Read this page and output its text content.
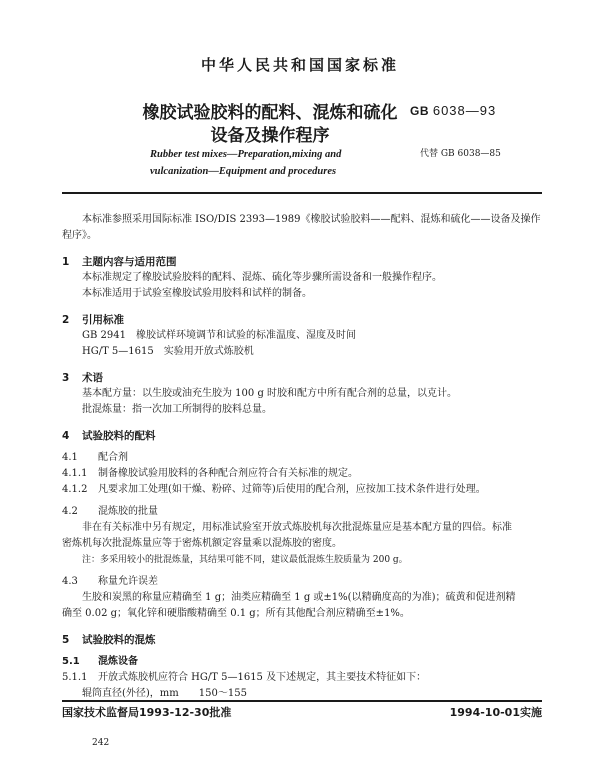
中华人民共和国国家标准
橡胶试验胶料的配料、混炼和硫化
设备及操作程序
GB 6038—93
代替 GB 6038—85
Rubber test mixes—Preparation,mixing and
vulcanization—Equipment and procedures
本标准参照采用国际标准 ISO/DIS 2393—1989《橡胶试验胶料——配料、混炼和硫化——设备及操作程序》。
1 主题内容与适用范围
本标准规定了橡胶试验胶料的配料、混炼、硫化等步骤所需设备和一般操作程序。
本标准适用于试验室橡胶试验用胶料和试样的制备。
2 引用标准
GB 2941　橡胶试样环境调节和试验的标准温度、湿度及时间
HG/T 5—1615　实验用开放式炼胶机
3 术语
基本配方量：以生胶或油充生胶为 100 g 时胶和配方中所有配合剂的总量，以克计。
批混炼量：指一次加工所制得的胶料总量。
4 试验胶料的配料
4.1 配合剂
4.1.1 制备橡胶试验用胶料的各种配合剂应符合有关标准的规定。
4.1.2 凡要求加工处理(如干燥、粉碎、过筛等)后使用的配合剂，应按加工技术条件进行处理。
4.2 混炼胶的批量
非在有关标准中另有规定，用标准试验室开放式炼胶机每次批混炼量应是基本配方量的四倍。标准
密炼机每次批混炼量应等于密炼机额定容量乘以混炼胶的密度。
注：多采用较小的批混炼量，其结果可能不同，建议最低混炼生胶质量为 200 g。
4.3 称量允许误差
生胶和炭黑的称量应精确至 1 g；油类应精确至 1 g 或±1%(以精确度高的为准)；硫黄和促进剂精
确至 0.02 g；氧化锌和硬脂酸精确至 0.1 g；所有其他配合剂应精确至±1%。
5 试验胶料的混炼
5.1 混炼设备
5.1.1 开放式炼胶机应符合 HG/T 5—1615 及下述规定，其主要技术特征如下：
辊筒直径(外径)，mm　　150～155
国家技术监督局1993-12-30批准	1994-10-01实施
242
